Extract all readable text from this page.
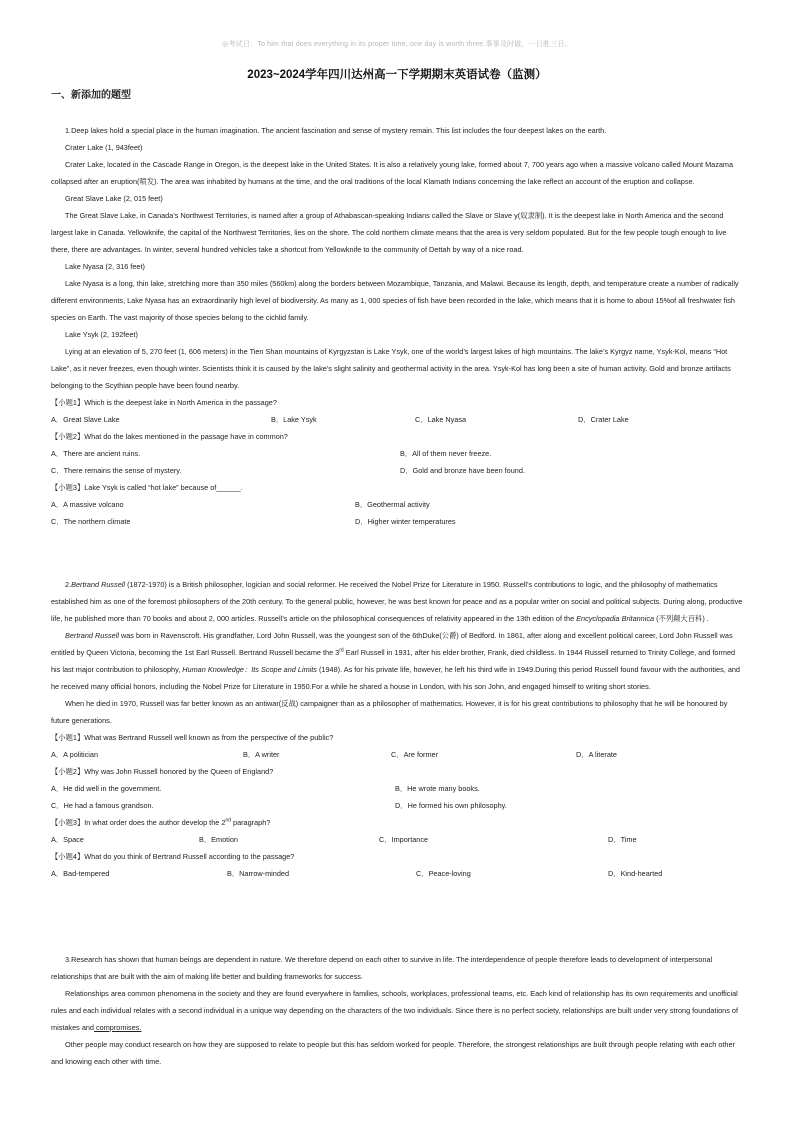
◎考试日：To him that does everything in its proper time, one day is worth three.事事及时做，一日胜三日。
2023~2024学年四川达州高一下学期期末英语试卷（监测）
一、新添加的题型

1.Deep lakes hold a special place in the human imagination. The ancient fascination and sense of mystery remain. This list includes the four deepest lakes on the earth.

Crater Lake (1, 943feet)

Crater Lake, located in the Cascade Range in Oregon, is the deepest lake in the United States. It is also a relatively young lake, formed about 7, 700 years ago when a massive volcano called Mount Mazama collapsed after an eruption(喷发). The area was inhabited by humans at the time, and the oral traditions of the local Klamath Indians concerning the lake reflect an account of the eruption and collapse.

Great Slave Lake (2, 015 feet)

The Great Slave Lake, in Canada’s Northwest Territories, is named after a group of Athabascan-speaking Indians called the Slave or Slave y(奴隶制). It is the deepest lake in North America and the second largest lake in Canada. Yellowknife, the capital of the Northwest Territories, lies on the shore. The cold northern climate means that the area is very seldom populated. But for the few people tough enough to live there, there are advantages. In winter, several hundred vehicles take a shortcut from Yellowknife to the community of Dettah by way of a nice road.

Lake Nyasa (2, 316 feet)

Lake Nyasa is a long, thin lake, stretching more than 350 miles (560km) along the borders between Mozambique, Tanzania, and Malawi. Because its length, depth, and temperature create a number of radically different environments, Lake Nyasa has an extraordinarily high level of biodiversity. As many as 1, 000 species of fish have been recorded in the lake, which means that it is home to about 15%of all freshwater fish species on Earth. The vast majority of those species belong to the cichlid family.

Lake Ysyk (2, 192feet)

Lying at an elevation of 5, 270 feet (1, 606 meters) in the Tien Shan mountains of Kyrgyzstan is Lake Ysyk, one of the world’s largest lakes of high mountains. The lake’s Kyrgyz name, Ysyk-Kol, means “Hot Lake”, as it never freezes, even though winter. Scientists think it is caused by the lake’s slight salinity and geothermal activity in the area. Ysyk-Kol has long been a site of human activity. Gold and bronze artifacts belonging to the Scythian people have been found nearby.

【小题1】Which is the deepest lake in North America in the passage?

A．Great Slave Lake	B．Lake Ysyk	C．Lake Nyasa	D．Crater Lake

【小题2】What do the lakes mentioned in the passage have in common?

A．There are ancient ruins.	B．All of them never freeze.
C．There remains the sense of mystery.	D．Gold and bronze have been found.

【小题3】Lake Ysyk is called “hot lake” because of______.

A．A massive volcano	B．Geothermal activity
C．The northern climate	D．Higher winter temperatures

2.Bertrand Russell (1872-1970) is a British philosopher, logician and social reformer. He received the Nobel Prize for Literature in 1950. Russell’s contributions to logic, and the philosophy of mathematics established him as one of the foremost philosophers of the 20th century. To the general public, however, he was best known for peace and as a popular writer on social and political subjects. During along, productive life, he published more than 70 books and about 2, 000 articles. Russell’s article on the philosophical consequences of relativity appeared in the 13th edition of the Encyclopadia Britannica (不列颠大百科) .

Bertrand Russell was born in Ravenscroft. His grandfather, Lord John Russell, was the youngest son of the 6thDuke(公爵) of Bedford. In 1861, after along and excellent political career, Lord John Russell was entitled by Queen Victoria, becoming the 1st Earl Russell. Bertrand Russell became the 3rd Earl Russell in 1931, after his elder brother, Frank, died childless. In 1944 Russell returned to Trinity College, and formed his last major contribution to philosophy, Human Knowledge：Its Scope and Limits (1948). As for his private life, however, he left his third wife in 1949.During this period Russell found favour with the authorities, and he received many official honors, including the Nobel Prize for Literature in 1950.For a while he shared a house in London, with his son John, and engaged himself to writing short stories.

When he died in 1970, Russell was far better known as an antiwar(反战) campaigner than as a philosopher of mathematics. However, it is for his great contributions to philosophy that he will be honoured by future generations.

【小题1】What was Bertrand Russell well known as from the perspective of the public?

A．A politician	B．A writer	C．Are former	D．A literate

【小题2】Why was John Russell honored by the Queen of England?

A．He did well in the government.	B．He wrote many books.
C．He had a famous grandson.	D．He formed his own philosophy.

【小题3】In what order does the author develop the 2nd paragraph?

A．Space	B．Emotion	C．Importance	D．Time

【小题4】What do you think of Bertrand Russell according to the passage?

A．Bad-tempered	B．Narrow-minded	C．Peace-loving	D．Kind-hearted

3.Research has shown that human beings are dependent in nature. We therefore depend on each other to survive in life. The interdependence of people therefore leads to development of interpersonal relationships that are built with the aim of making life better and building frameworks for success.

Relationships area common phenomena in the society and they are found everywhere in families, schools, workplaces, professional teams, etc. Each kind of relationship has its own requirements and unofficial rules and each individual relates with a second individual in a unique way depending on the characters of the two individuals. Since there is no perfect society, relationships are built under very strong foundations of mistakes and compromises.

Other people may conduct research on how they are supposed to relate to people but this has seldom worked for people. Therefore, the strongest relationships are built through people relating with each other and knowing each other with time.
